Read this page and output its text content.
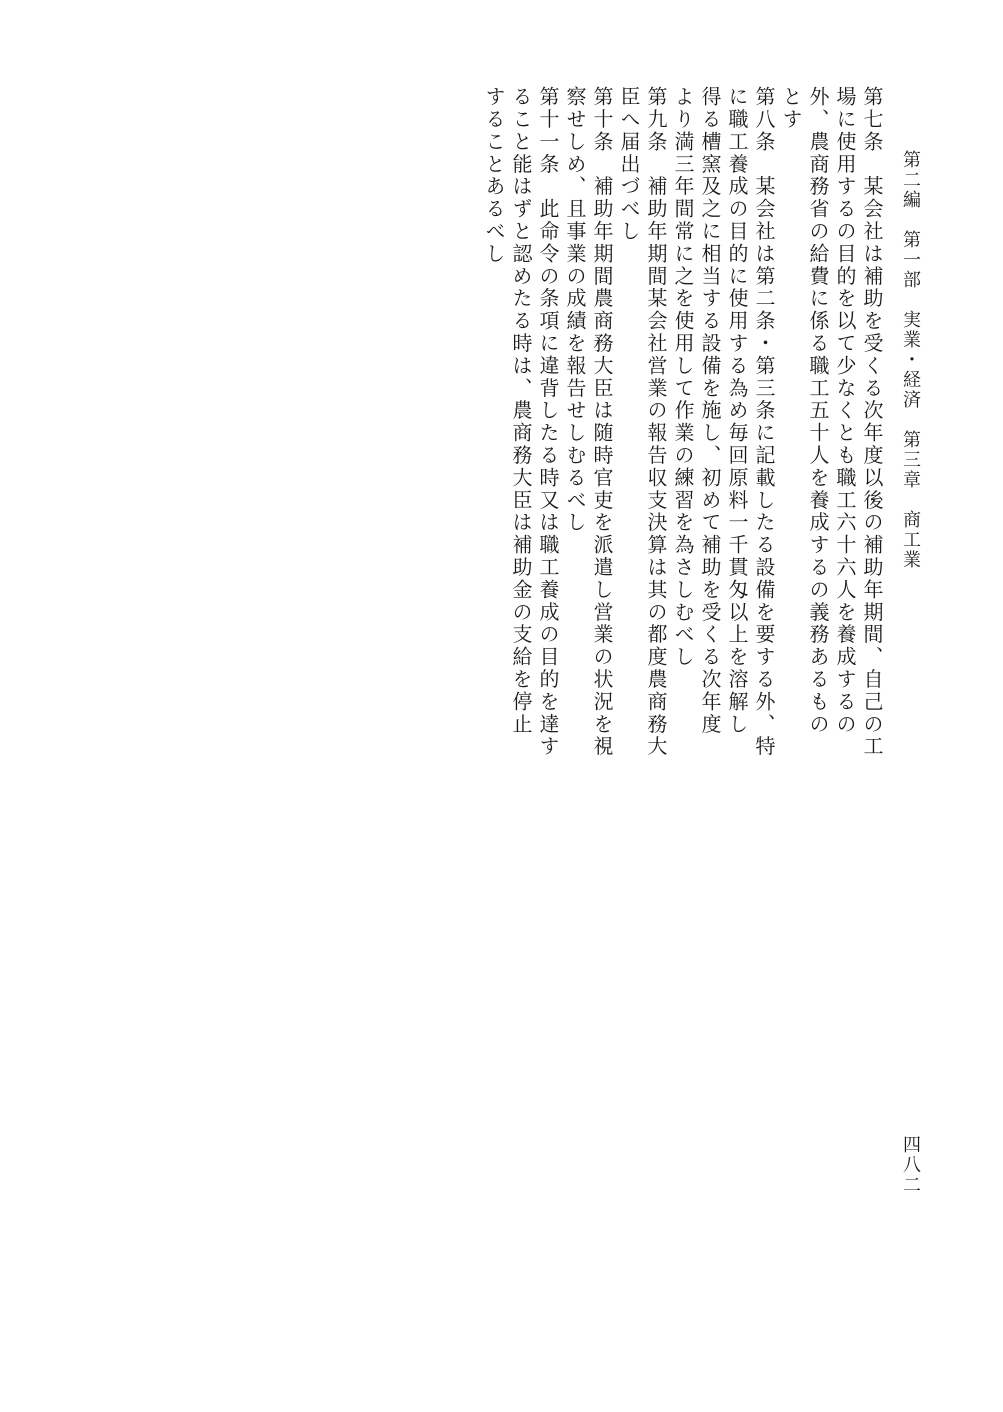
第二編　第一部　実業・経済　第三章　商工業
第七条　某会社は補助を受くる次年度以後の補助年期間、自己の工
場に使用するの目的を以て少なくとも職工六十六人を養成するの
外、農商務省の給費に係る職工五十人を養成するの義務あるもの
とす
第八条　某会社は第二条・第三条に記載したる設備を要する外、特
に職工養成の目的に使用する為め毎回原料一千貫匁以上を溶解し
得る槽窯及之に相当する設備を施し、初めて補助を受くる次年度
より満三年間常に之を使用して作業の練習を為さしむべし
第九条　補助年期間某会社営業の報告収支決算は其の都度農商務大
臣へ届出づべし
第十条　補助年期間農商務大臣は随時官吏を派遣し営業の状況を視
察せしめ、且事業の成績を報告せしむるべし
第十一条　此命令の条項に違背したる時又は職工養成の目的を達す
ること能はずと認めたる時は、農商務大臣は補助金の支給を停止
することあるべし
四八二
